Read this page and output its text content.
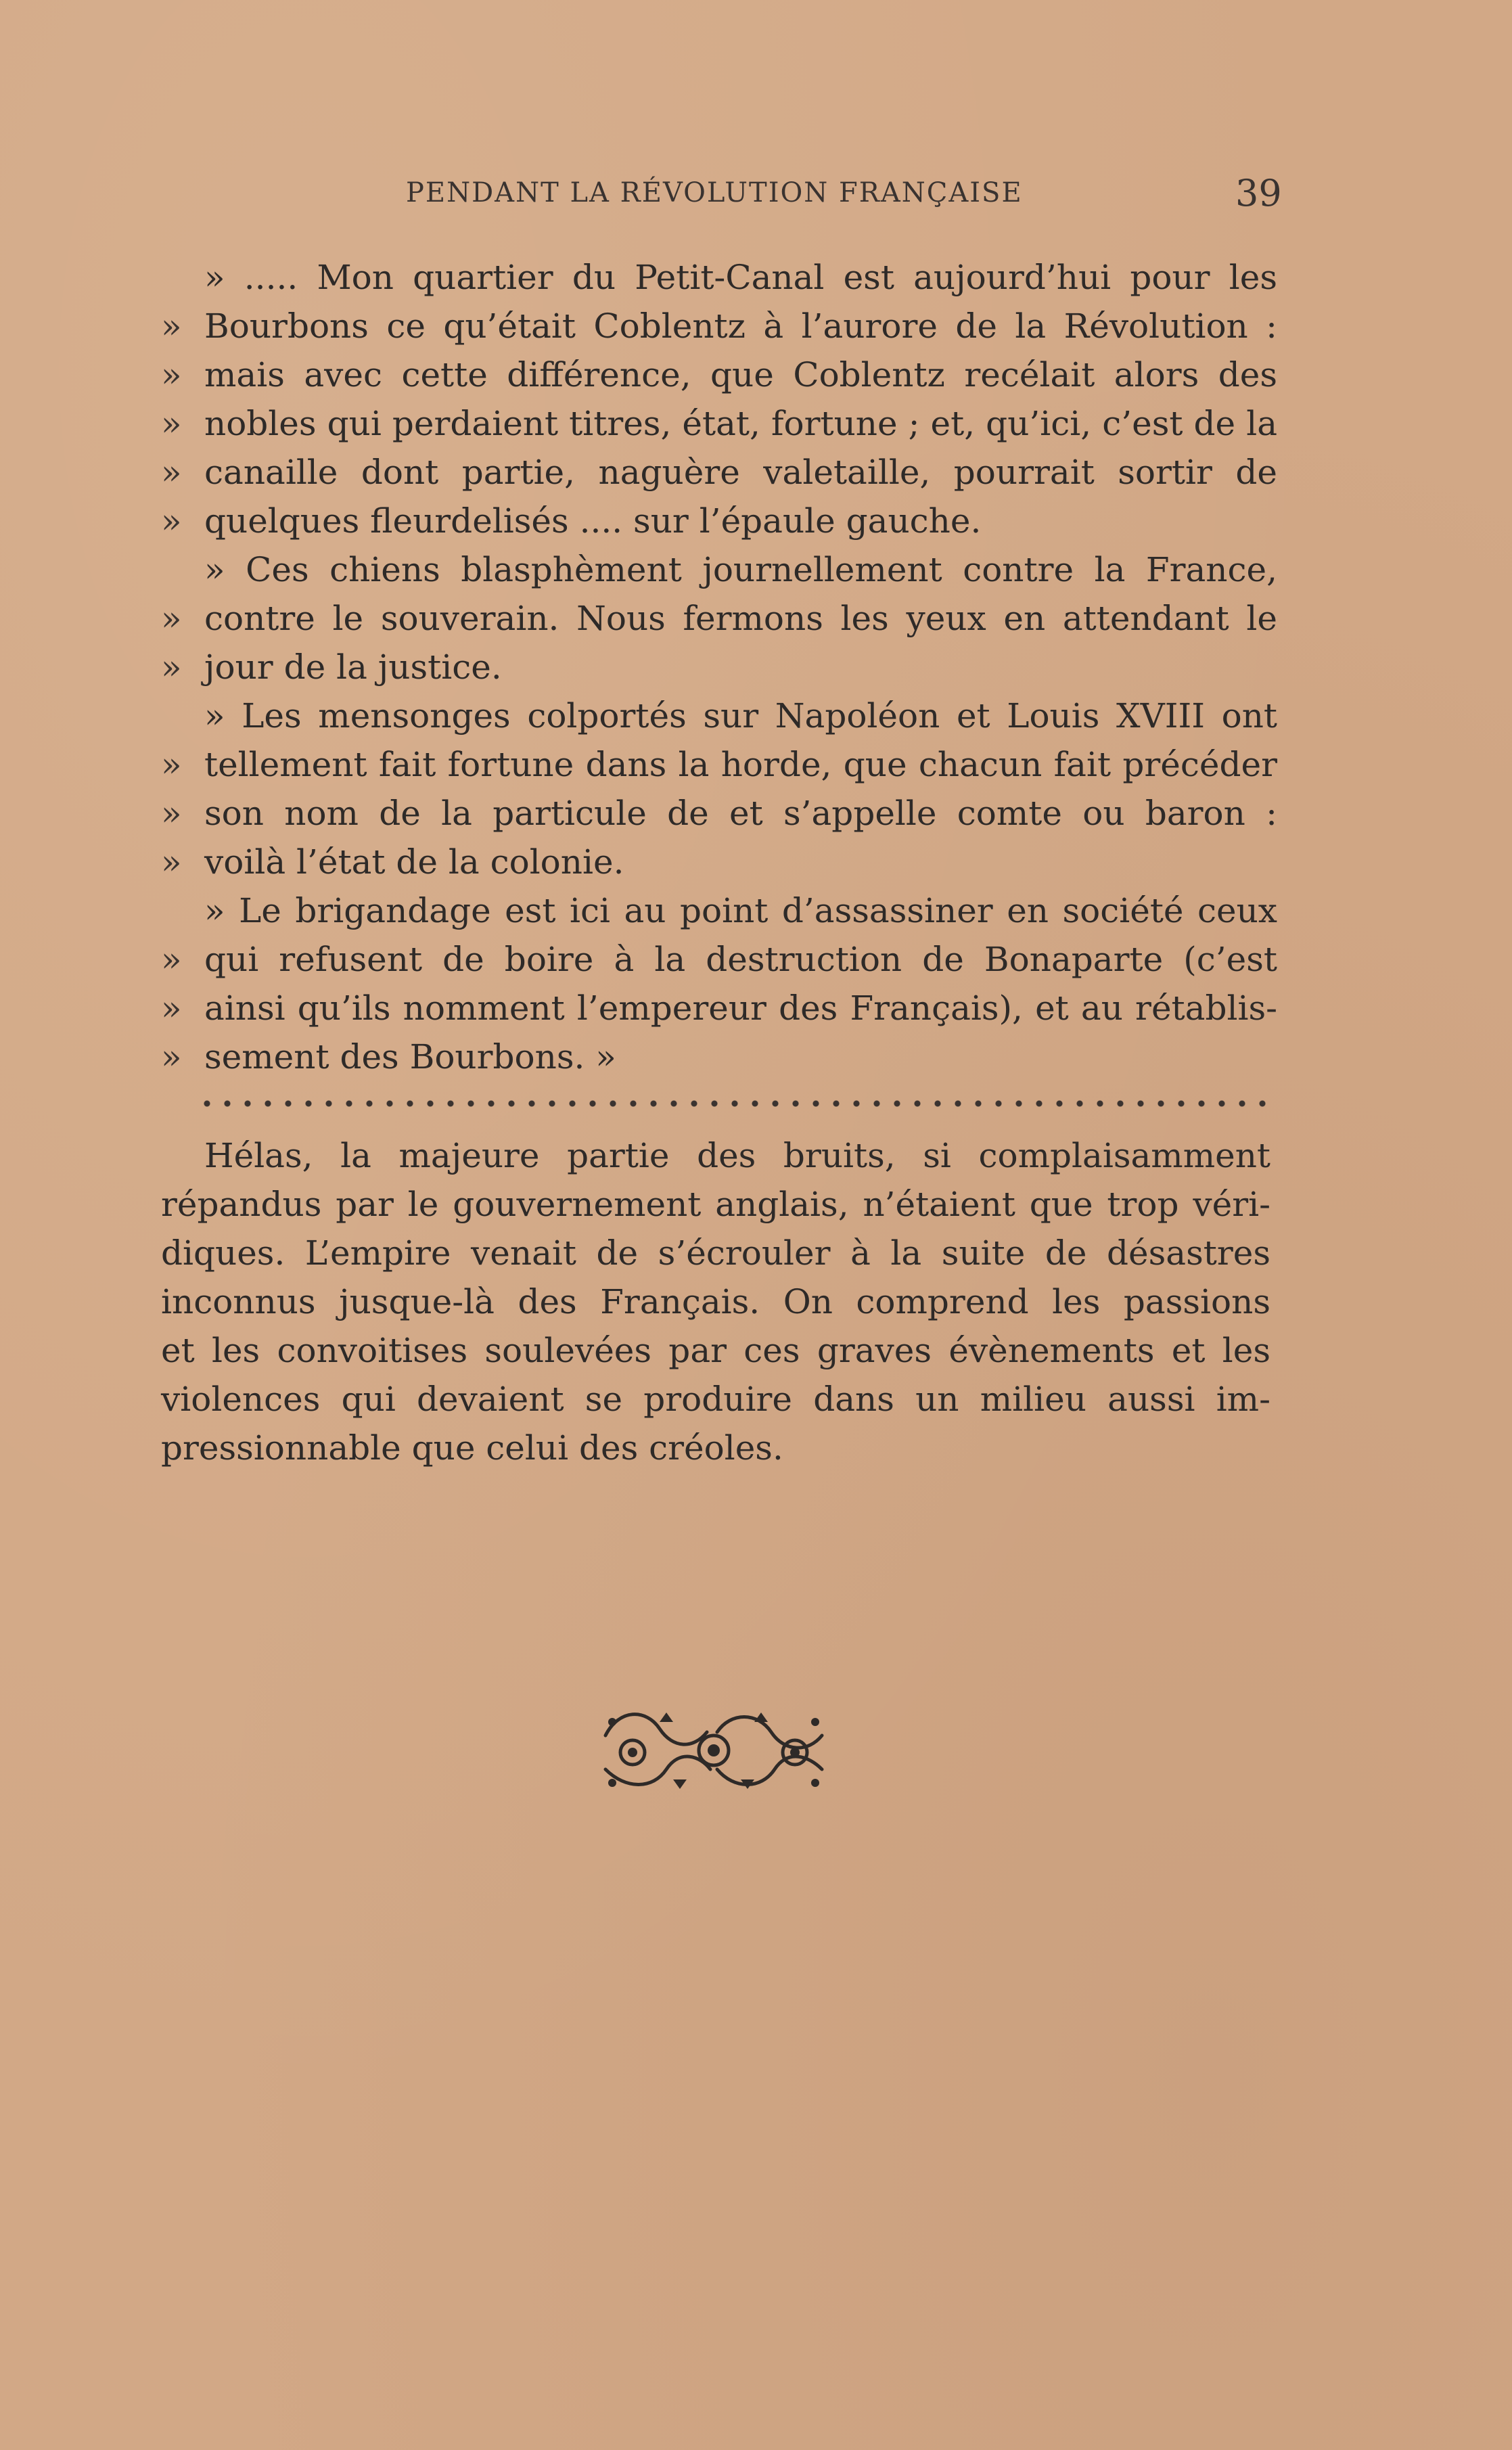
PENDANT LA RÉVOLUTION FRANÇAISE	39
» ..... Mon quartier du Petit-Canal est aujourd’hui pour les
» Bourbons ce qu’était Coblentz à l’aurore de la Révolution :
» mais avec cette différence, que Coblentz recélait alors des
» nobles qui perdaient titres, état, fortune ; et, qu’ici, c’est de la
» canaille dont partie, naguère valetaille, pourrait sortir de
» quelques fleurdelisés .... sur l’épaule gauche.
» Ces chiens blasphèment journellement contre la France,
» contre le souverain. Nous fermons les yeux en attendant le
» jour de la justice.
» Les mensonges colportés sur Napoléon et Louis XVIII ont
» tellement fait fortune dans la horde, que chacun fait précéder
» son nom de la particule de et s’appelle comte ou baron :
» voilà l’état de la colonie.
» Le brigandage est ici au point d’assassiner en société ceux
» qui refusent de boire à la destruction de Bonaparte (c’est
» ainsi qu’ils nomment l’empereur des Français), et au rétablis-
» sement des Bourbons. »
Hélas, la majeure partie des bruits, si complaisamment
répandus par le gouvernement anglais, n’étaient que trop véri-
diques. L’empire venait de s’écrouler à la suite de désastres
inconnus jusque-là des Français. On comprend les passions
et les convoitises soulevées par ces graves évènements et les
violences qui devaient se produire dans un milieu aussi im-
pressionnable que celui des créoles.
